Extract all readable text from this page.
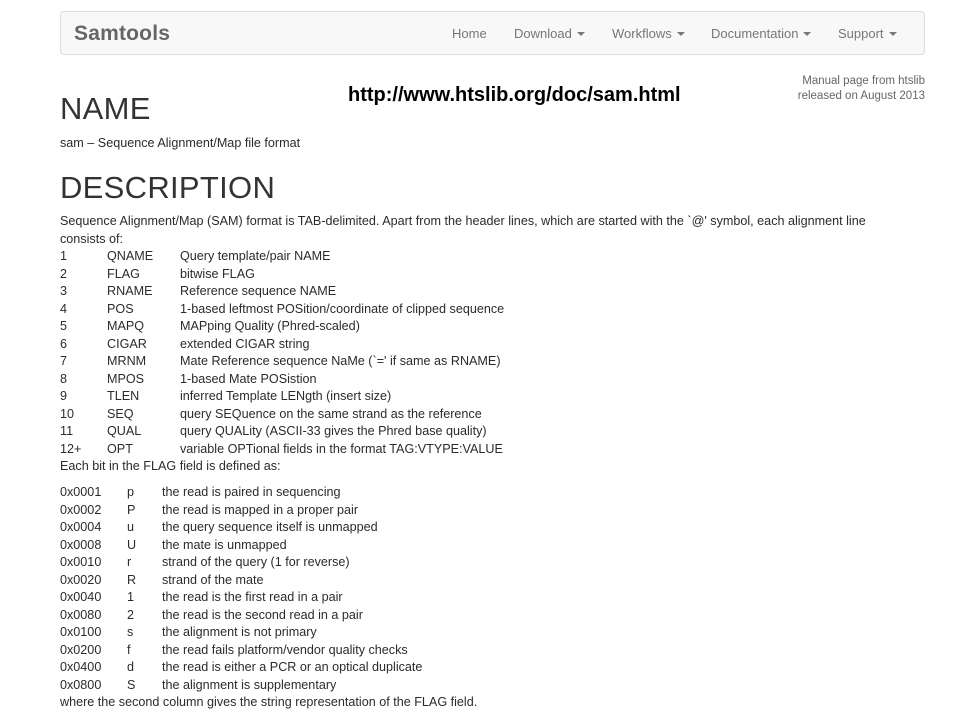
Samtools	Home Download	Workflows	Documentation	Support
http://www.htslib.org/doc/sam.html
Manual page from htslib
released on August 2013
NAME
sam – Sequence Alignment/Map file format
DESCRIPTION
Sequence Alignment/Map (SAM) format is TAB-delimited. Apart from the header lines, which are started with the `@' symbol, each alignment line
consists of:
1	QNAME Query template/pair NAME
2	FLAG	bitwise FLAG
3	RNAME Reference sequence NAME
4	POS	1-based leftmost POSition/coordinate of clipped sequence
5	MAPQ	MAPping Quality (Phred-scaled)
6	CIGAR	extended CIGAR string
7	MRNM	Mate Reference sequence NaMe (`=' if same as RNAME)
8	MPOS	1-based Mate POSistion
9	TLEN	inferred Template LENgth (insert size)
10	SEQ	query SEQuence on the same strand as the reference
11	QUAL	query QUALity (ASCII-33 gives the Phred base quality)
12+ OPT	variable OPTional fields in the format TAG:VTYPE:VALUE
Each bit in the FLAG field is defined as:
0x0001 p the read is paired in sequencing
0x0002 P the read is mapped in a proper pair
0x0004 u the query sequence itself is unmapped
0x0008 U the mate is unmapped
0x0010 r strand of the query (1 for reverse)
0x0020 R strand of the mate
0x0040 1 the read is the first read in a pair
0x0080 2 the read is the second read in a pair
0x0100 s the alignment is not primary
0x0200 f	the read fails platform/vendor quality checks
0x0400 d the read is either a PCR or an optical duplicate
0x0800 S the alignment is supplementary
where the second column gives the string representation of the FLAG field.
